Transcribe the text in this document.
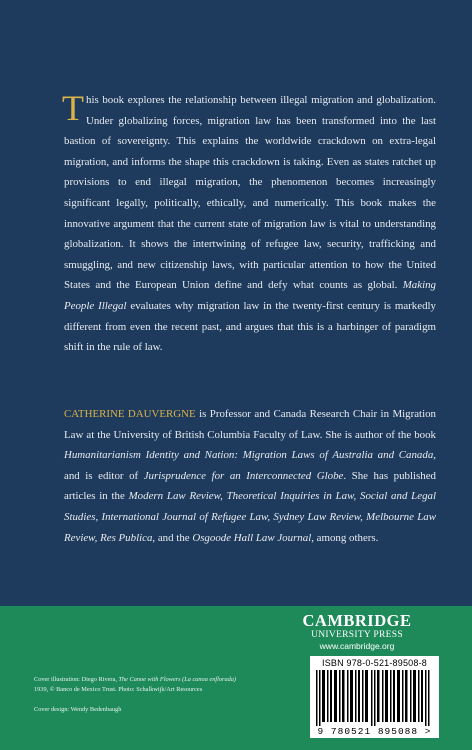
This book explores the relationship between illegal migration and globalization. Under globalizing forces, migration law has been transformed into the last bastion of sovereignty. This explains the worldwide crackdown on extra-legal migration, and informs the shape this crackdown is taking. Even as states ratchet up provisions to end illegal migration, the phenomenon becomes increasingly significant legally, politically, ethically, and numerically. This book makes the innovative argument that the current state of migration law is vital to understanding globalization. It shows the intertwining of refugee law, security, trafficking and smuggling, and new citizenship laws, with particular attention to how the United States and the European Union define and defy what counts as global. Making People Illegal evaluates why migration law in the twenty-first century is markedly different from even the recent past, and argues that this is a harbinger of paradigm shift in the rule of law.

CATHERINE DAUVERGNE is Professor and Canada Research Chair in Migration Law at the University of British Columbia Faculty of Law. She is author of the book Humanitarianism Identity and Nation: Migration Laws of Australia and Canada, and is editor of Jurisprudence for an Interconnected Globe. She has published articles in the Modern Law Review, Theoretical Inquiries in Law, Social and Legal Studies, International Journal of Refugee Law, Sydney Law Review, Melbourne Law Review, Res Publica, and the Osgoode Hall Law Journal, among others.

CAMBRIDGE
UNIVERSITY PRESS
www.cambridge.org

Cover illustration: Diego Rivera, The Canoe with Flowers (La canoa enflorada)

1939, © Banco de Mexico Trust. Photo: Schalkwijk/Art Resources

Cover design: Wendy Bedenbaugh

ISBN 978-0-521-89508-8
9 780521 895088 >
